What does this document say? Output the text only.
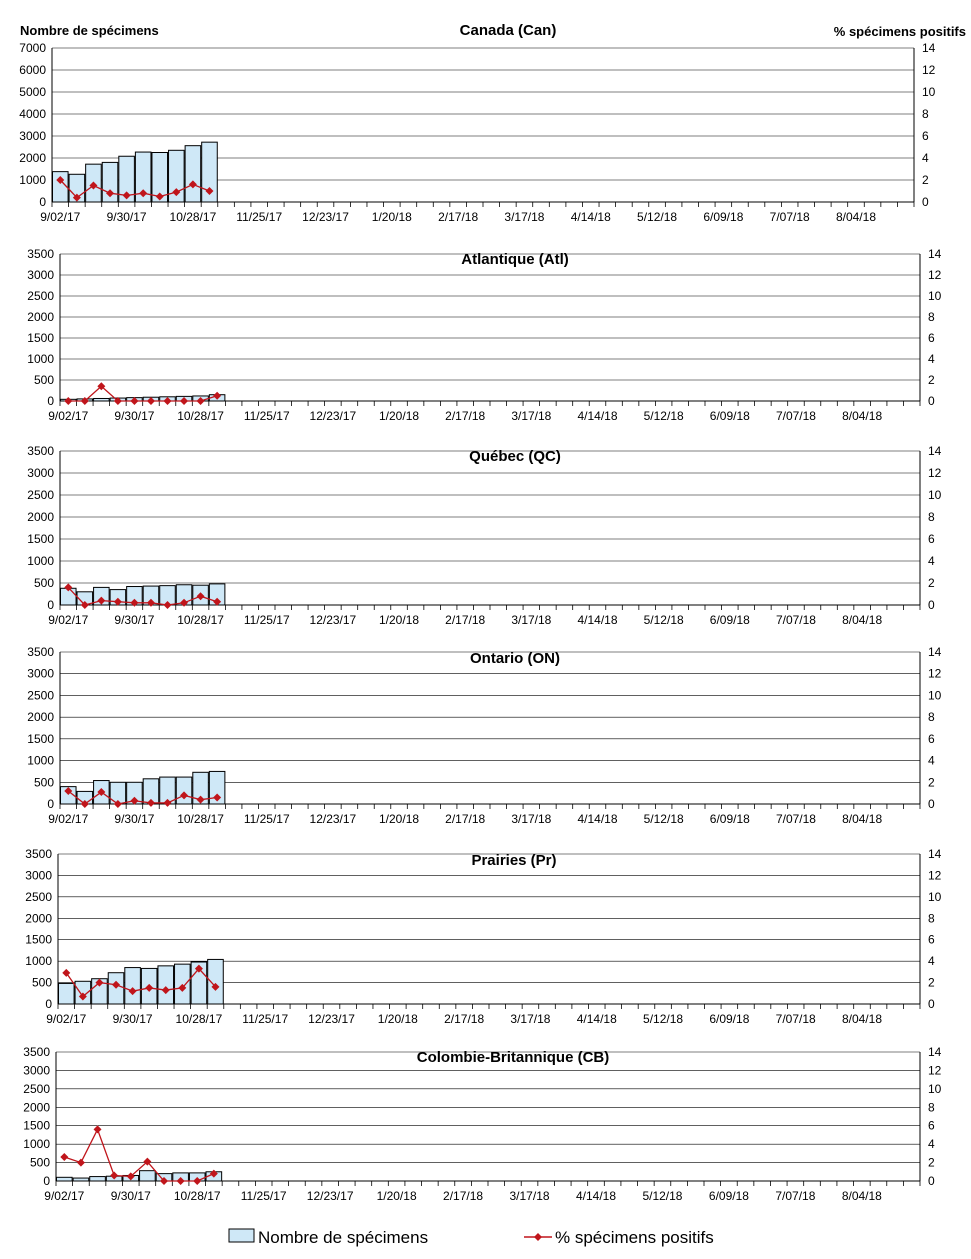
Nombre de spécimens	% spécimens positifs
0
1000
2000
3000
4000
5000
6000
7000
0
2
4
6
8
10
12
14
9/02/17 9/30/17 10/28/17 11/25/17 12/23/17 1/20/18 2/17/18 3/17/18 4/14/18 5/12/18 6/09/18 7/07/18 8/04/18
Canada (Can)
0
500
1000
1500
2000
2500
3000
3500
0
2
4
6
8
10
12
14
9/02/17 9/30/17 10/28/17 11/25/17 12/23/17 1/20/18 2/17/18 3/17/18 4/14/18 5/12/18 6/09/18 7/07/18 8/04/18
Atlantique (Atl)
0
500
1000
1500
2000
2500
3000
3500
0
2
4
6
8
10
12
14
9/02/17 9/30/17 10/28/17 11/25/17 12/23/17 1/20/18 2/17/18 3/17/18 4/14/18 5/12/18 6/09/18 7/07/18 8/04/18
Québec (QC)
0
500
1000
1500
2000
2500
3000
3500
0
2
4
6
8
10
12
14
9/02/17 9/30/17 10/28/17 11/25/17 12/23/17 1/20/18 2/17/18 3/17/18 4/14/18 5/12/18 6/09/18 7/07/18 8/04/18
Ontario (ON)
0
500
1000
1500
2000
2500
3000
3500
0
2
4
6
8
10
12
14
9/02/17 9/30/17 10/28/17 11/25/17 12/23/17 1/20/18 2/17/18 3/17/18 4/14/18 5/12/18 6/09/18 7/07/18 8/04/18
Prairies (Pr)
0
500
1000
1500
2000
2500
3000
3500
0
2
4
6
8
10
12
14
9/02/17 9/30/17 10/28/17 11/25/17 12/23/17 1/20/18 2/17/18 3/17/18 4/14/18 5/12/18 6/09/18 7/07/18 8/04/18
Colombie-Britannique (CB)
Nombre de spécimens	% spécimens positifs
